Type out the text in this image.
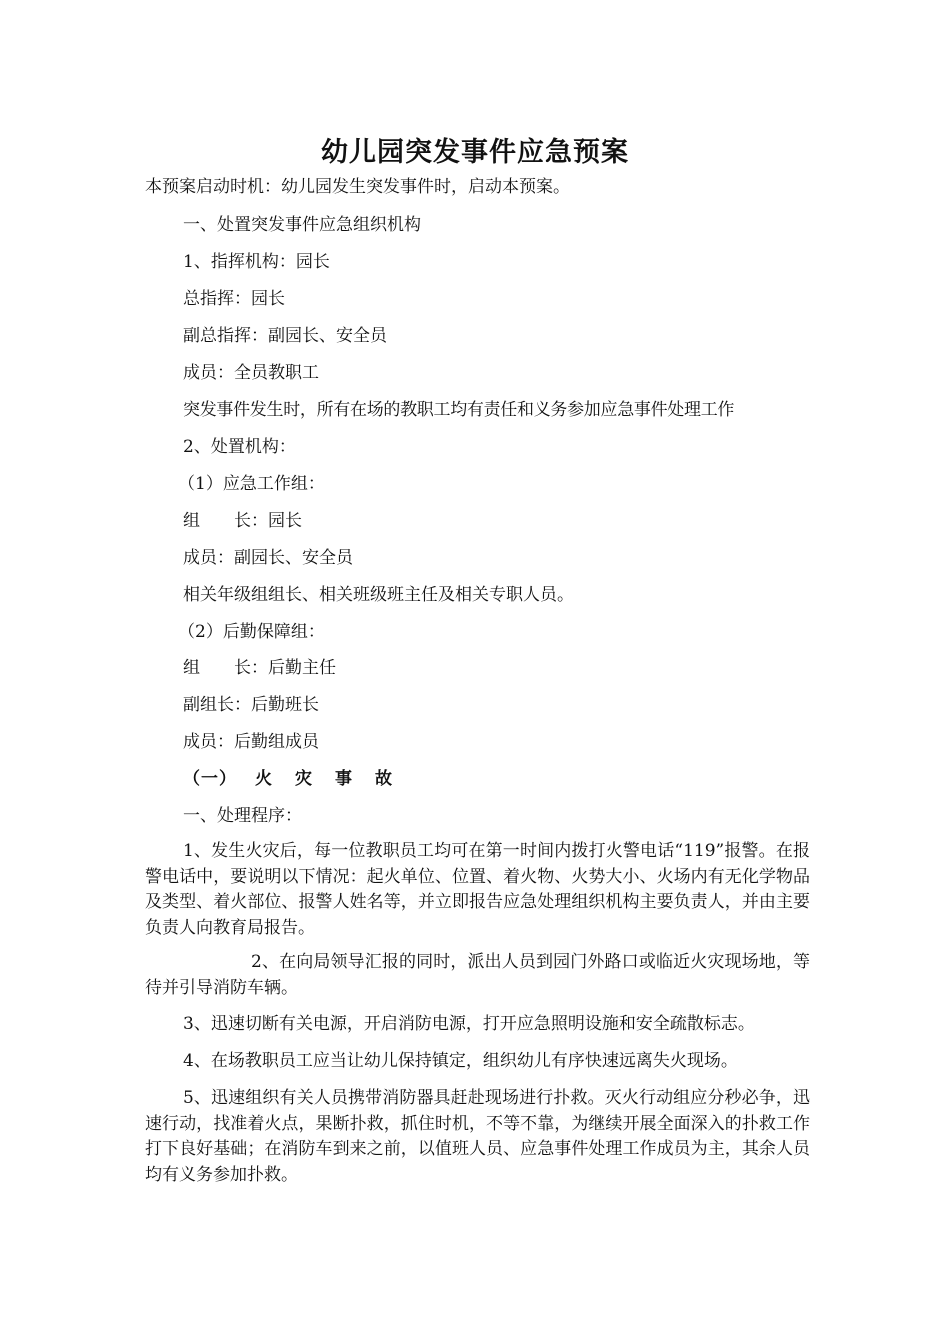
幼儿园突发事件应急预案
本预案启动时机：幼儿园发生突发事件时，启动本预案。
一、处置突发事件应急组织机构
1、指挥机构：园长
总指挥：园长
副总指挥：副园长、安全员
成员：全员教职工
突发事件发生时，所有在场的教职工均有责任和义务参加应急事件处理工作
2、处置机构：
（1）应急工作组：
组　　长：园长
成员：副园长、安全员
相关年级组组长、相关班级班主任及相关专职人员。
（2）后勤保障组：
组　　长：后勤主任
副组长：后勤班长
成员：后勤组成员
（一） 火 灾 事 故
一、处理程序：
1、发生火灾后，每一位教职员工均可在第一时间内拨打火警电话“119”报警。在报警电话中，要说明以下情况：起火单位、位置、着火物、火势大小、火场内有无化学物品及类型、着火部位、报警人姓名等，并立即报告应急处理组织机构主要负责人，并由主要负责人向教育局报告。
2、在向局领导汇报的同时，派出人员到园门外路口或临近火灾现场地，等待并引导消防车辆。
3、迅速切断有关电源，开启消防电源，打开应急照明设施和安全疏散标志。
4、在场教职员工应当让幼儿保持镇定，组织幼儿有序快速远离失火现场。
5、迅速组织有关人员携带消防器具赶赴现场进行扑救。灭火行动组应分秒必争，迅速行动，找准着火点，果断扑救，抓住时机，不等不靠，为继续开展全面深入的扑救工作打下良好基础；在消防车到来之前，以值班人员、应急事件处理工作成员为主，其余人员均有义务参加扑救。
